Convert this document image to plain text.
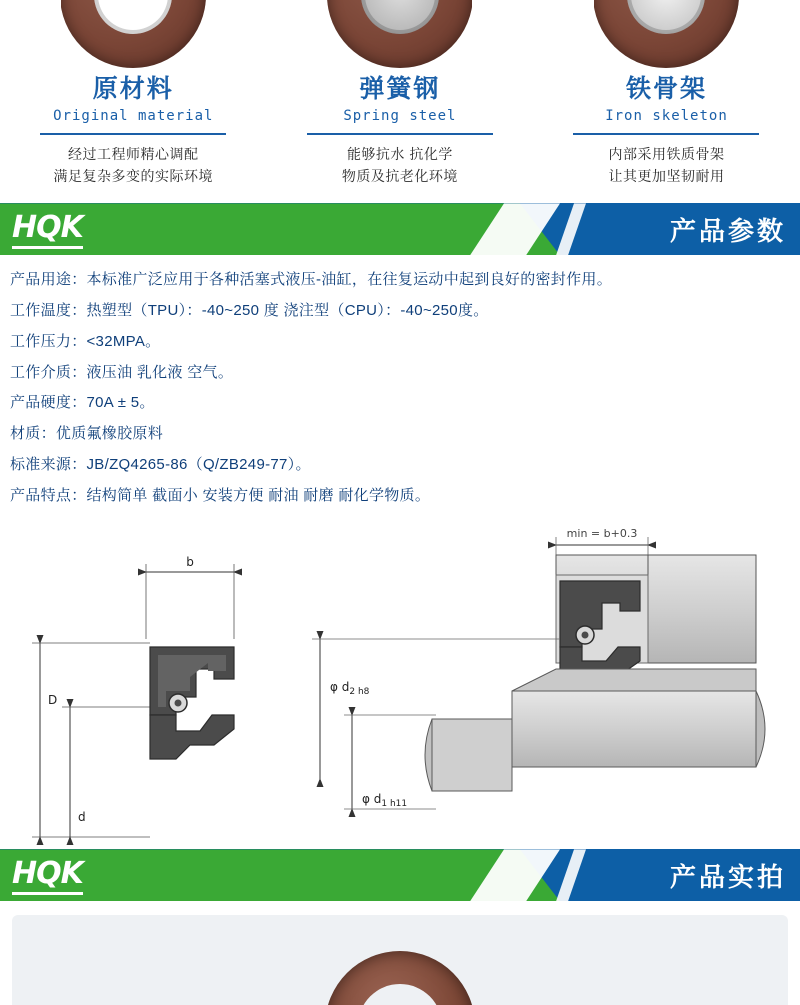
原材料
Original material
经过工程师精心调配
满足复杂多变的实际环境
弹簧钢
Spring steel
能够抗水 抗化学
物质及抗老化环境
铁骨架
Iron skeleton
内部采用铁质骨架
让其更加坚韧耐用
HQK	产品参数
产品用途：本标准广泛应用于各种活塞式液压-油缸，在往复运动中起到良好的密封作用。
工作温度：热塑型（TPU）：-40~250 度 浇注型（CPU）：-40~250度。
工作压力：<32MPA。
工作介质：液压油 乳化液 空气。
产品硬度：70A ± 5。
材质：优质氟橡胶原料
标准来源：JB/ZQ4265-86（Q/ZB249-77）。
产品特点：结构简单 截面小 安装方便 耐油 耐磨 耐化学物质。
b
D
d
min = b+0.3
φ $d_{2 h8}$
φ $d_{1 h11}$
HQK	产品实拍
